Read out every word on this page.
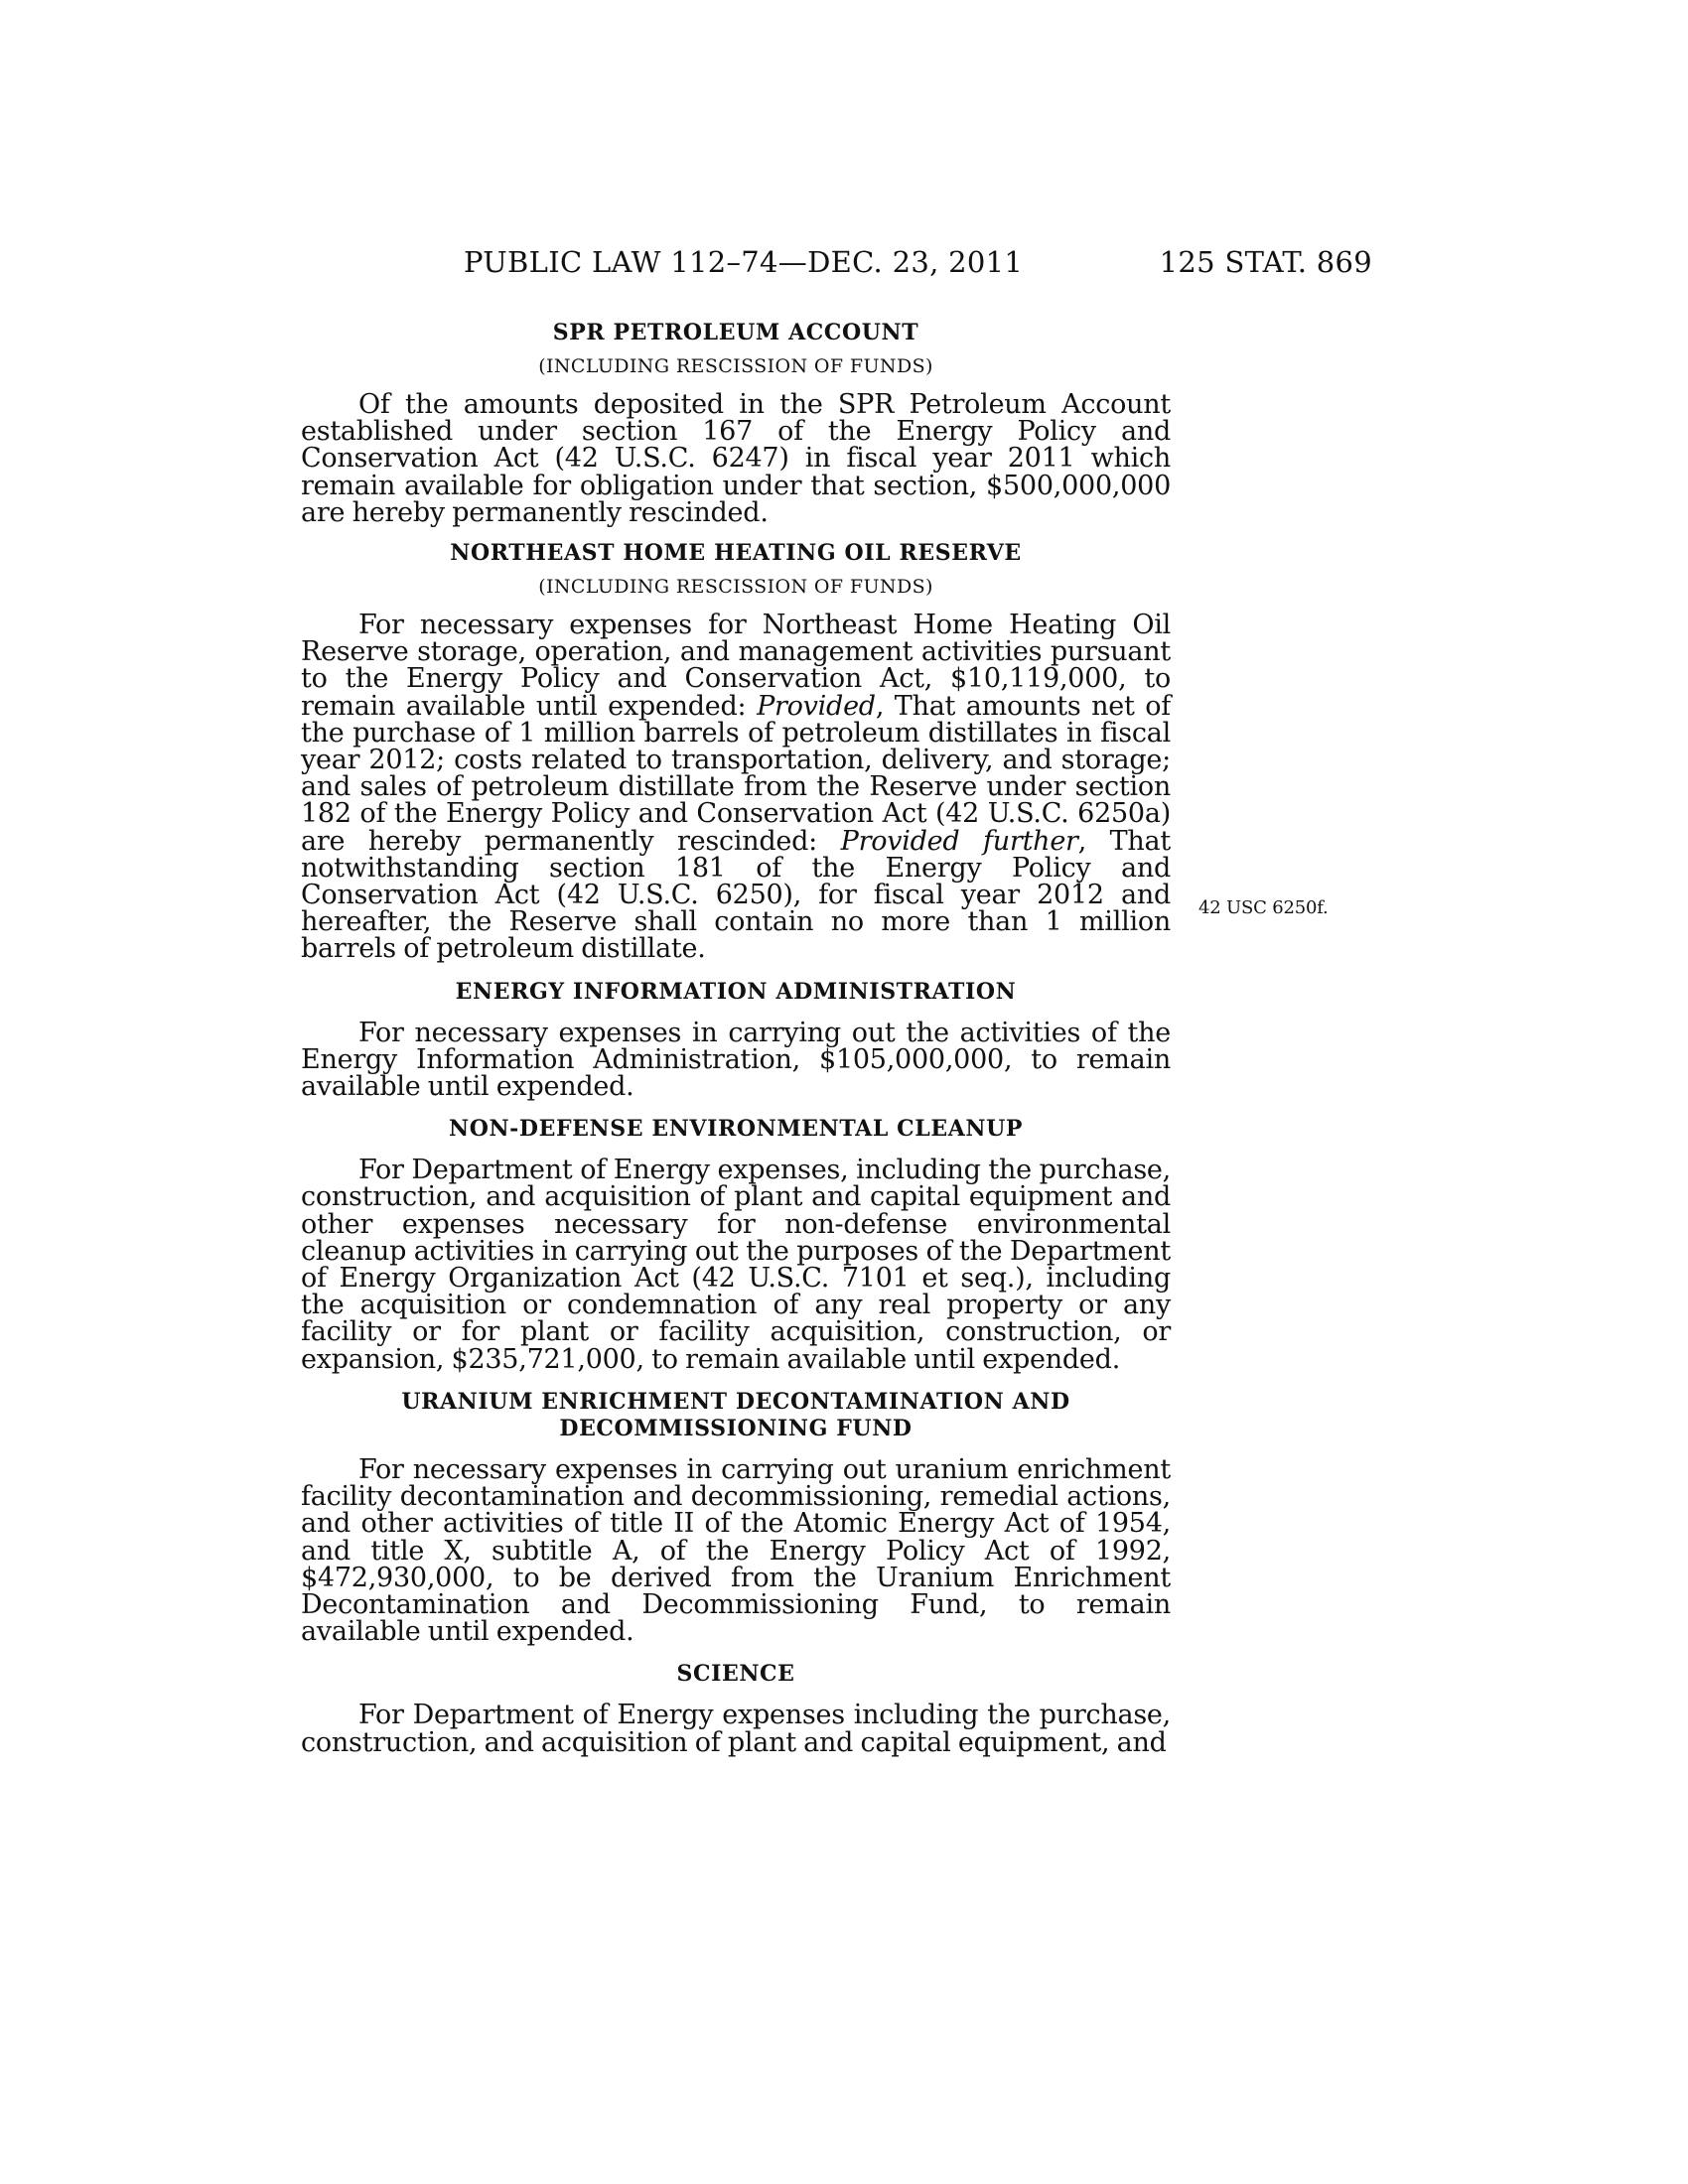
PUBLIC LAW 112–74—DEC. 23, 2011	125 STAT. 869
42 USC 6250f.
SPR PETROLEUM ACCOUNT
(INCLUDING RESCISSION OF FUNDS)

Of the amounts deposited in the SPR Petroleum Account established under section 167 of the Energy Policy and Conservation Act (42 U.S.C. 6247) in fiscal year 2011 which remain available for obligation under that section, $500,000,000 are hereby permanently rescinded.

NORTHEAST HOME HEATING OIL RESERVE
(INCLUDING RESCISSION OF FUNDS)

For necessary expenses for Northeast Home Heating Oil Reserve storage, operation, and management activities pursuant to the Energy Policy and Conservation Act, $10,119,000, to remain available until expended: Provided, That amounts net of the purchase of 1 million barrels of petroleum distillates in fiscal year 2012; costs related to transportation, delivery, and storage; and sales of petroleum distillate from the Reserve under section 182 of the Energy Policy and Conservation Act (42 U.S.C. 6250a) are hereby permanently rescinded: Provided further, That notwithstanding section 181 of the Energy Policy and Conservation Act (42 U.S.C. 6250), for fiscal year 2012 and hereafter, the Reserve shall contain no more than 1 million barrels of petroleum distillate.

ENERGY INFORMATION ADMINISTRATION

For necessary expenses in carrying out the activities of the Energy Information Administration, $105,000,000, to remain available until expended.

NON-DEFENSE ENVIRONMENTAL CLEANUP

For Department of Energy expenses, including the purchase, construction, and acquisition of plant and capital equipment and other expenses necessary for non-defense environmental cleanup activities in carrying out the purposes of the Department of Energy Organization Act (42 U.S.C. 7101 et seq.), including the acquisition or condemnation of any real property or any facility or for plant or facility acquisition, construction, or expansion, $235,721,000, to remain available until expended.

URANIUM ENRICHMENT DECONTAMINATION AND DECOMMISSIONING FUND

For necessary expenses in carrying out uranium enrichment facility decontamination and decommissioning, remedial actions, and other activities of title II of the Atomic Energy Act of 1954, and title X, subtitle A, of the Energy Policy Act of 1992, $472,930,000, to be derived from the Uranium Enrichment Decontamination and Decommissioning Fund, to remain available until expended.

SCIENCE

For Department of Energy expenses including the purchase, construction, and acquisition of plant and capital equipment, and
